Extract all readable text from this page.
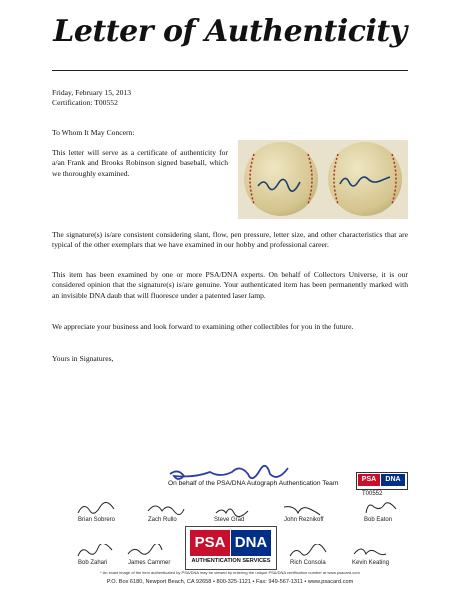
Letter of Authenticity
Friday, February 15, 2013
Certification: T00552
To Whom It May Concern:
This letter will serve as a certificate of authenticity for a/an Frank and Brooks Robinson signed baseball, which we thoroughly examined.
The signature(s) is/are consistent considering slant, flow, pen pressure, letter size, and other characteristics that are typical of the other exemplars that we have examined in our hobby and professional career.
This item has been examined by one or more PSA/DNA experts. On behalf of Collectors Universe, it is our considered opinion that the signature(s) is/are genuine. Your authenticated item has been permanently marked with an invisible DNA daub that will fluoresce under a patented laser lamp.
We appreciate your business and look forward to examining other collectibles for you in the future.
Yours in Signatures,
On behalf of the PSA/DNA Autograph Authentication Team
PSA	DNA
T00552
Brian Sobrero	Zach Rullo	Steve Grad	John Reznikoff	Bob Eaton
Bob Zahari	James Cammer	Rich Consola	Kevin Keating
PSA DNA
AUTHENTICATION SERVICES
* An exact image of the item authenticated by PSA/DNA may be viewed by entering the unique PSA/DNA certification number at www.psacard.com
P.O. Box 6180, Newport Beach, CA 92658 • 800-325-1121 • Fax: 949-567-1311 • www.psacard.com
